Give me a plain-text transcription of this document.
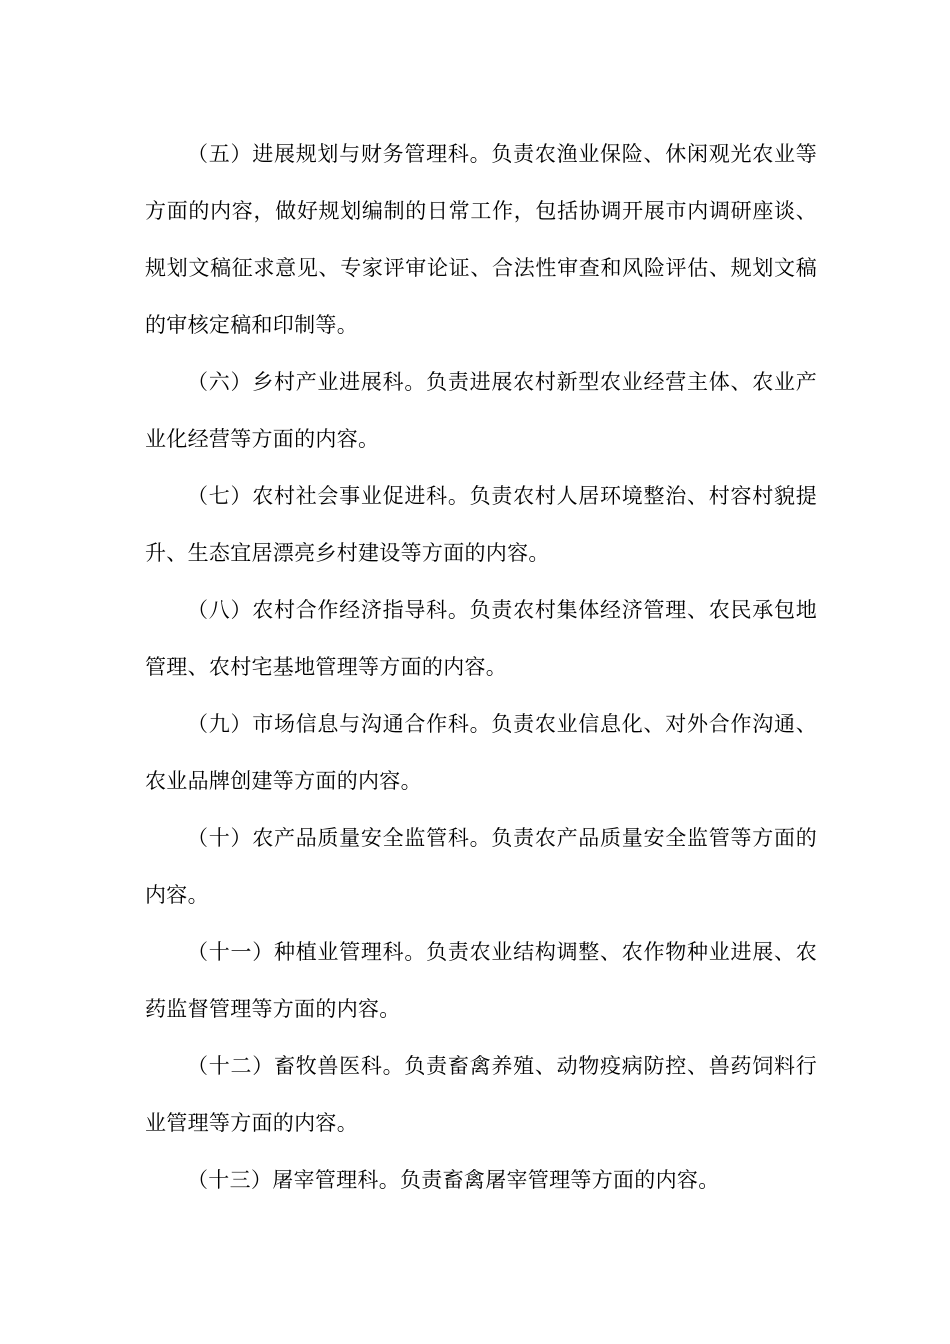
（五）进展规划与财务管理科。负责农渔业保险、休闲观光农业等方面的内容，做好规划编制的日常工作，包括协调开展市内调研座谈、规划文稿征求意见、专家评审论证、合法性审查和风险评估、规划文稿的审核定稿和印制等。

（六）乡村产业进展科。负责进展农村新型农业经营主体、农业产业化经营等方面的内容。

（七）农村社会事业促进科。负责农村人居环境整治、村容村貌提升、生态宜居漂亮乡村建设等方面的内容。

（八）农村合作经济指导科。负责农村集体经济管理、农民承包地管理、农村宅基地管理等方面的内容。

（九）市场信息与沟通合作科。负责农业信息化、对外合作沟通、农业品牌创建等方面的内容。

（十）农产品质量安全监管科。负责农产品质量安全监管等方面的内容。

（十一）种植业管理科。负责农业结构调整、农作物种业进展、农药监督管理等方面的内容。

（十二）畜牧兽医科。负责畜禽养殖、动物疫病防控、兽药饲料行业管理等方面的内容。

（十三）屠宰管理科。负责畜禽屠宰管理等方面的内容。
